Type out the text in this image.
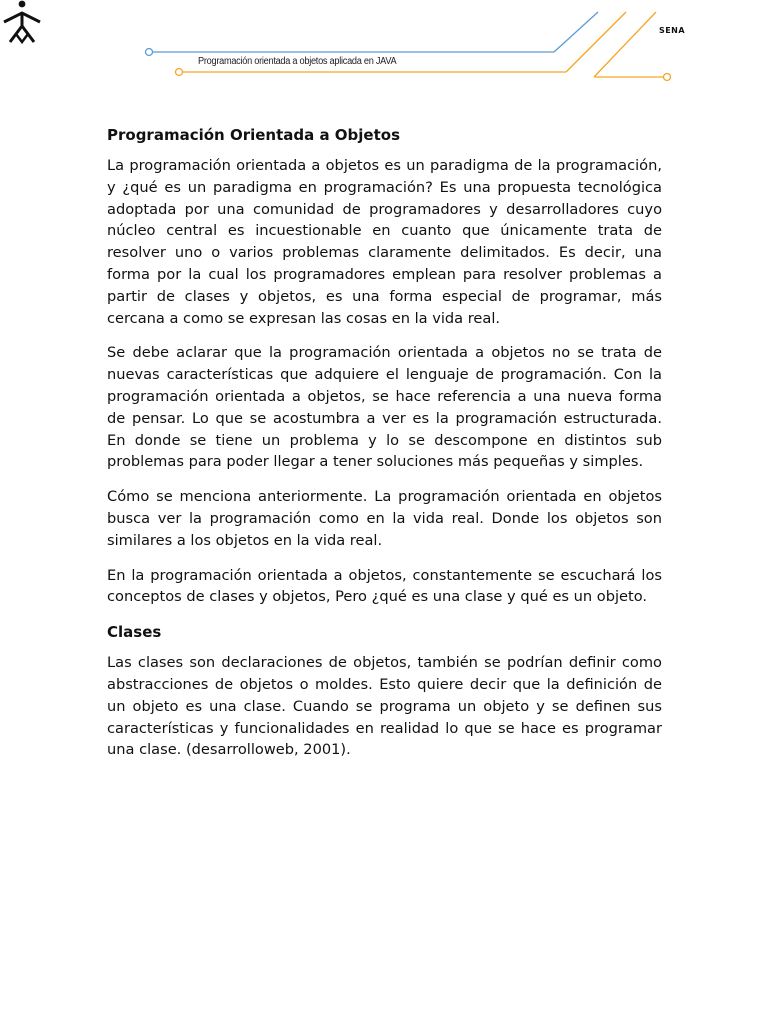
Programación orientada a objetos aplicada en JAVA
SENA
Programación Orientada a Objetos

La programación orientada a objetos es un paradigma de la programación, y ¿qué es un paradigma en programación? Es una propuesta tecnológica adoptada por una comunidad de programadores y desarrolladores cuyo núcleo central es incuestionable en cuanto que únicamente trata de resolver uno o varios problemas claramente delimitados. Es decir, una forma por la cual los programadores emplean para resolver problemas a partir de clases y objetos, es una forma especial de programar, más cercana a como se expresan las cosas en la vida real.

Se debe aclarar que la programación orientada a objetos no se trata de nuevas características que adquiere el lenguaje de programación. Con la programación orientada a objetos, se hace referencia a una nueva forma de pensar. Lo que se acostumbra a ver es la programación estructurada. En donde se tiene un problema y lo se descompone en distintos sub problemas para poder llegar a tener soluciones más pequeñas y simples.

Cómo se menciona anteriormente. La programación orientada en objetos busca ver la programación como en la vida real. Donde los objetos son similares a los objetos en la vida real.

En la programación orientada a objetos, constantemente se escuchará los conceptos de clases y objetos, Pero ¿qué es una clase y qué es un objeto.

Clases

Las clases son declaraciones de objetos, también se podrían definir como abstracciones de objetos o moldes. Esto quiere decir que la definición de un objeto es una clase. Cuando se programa un objeto y se definen sus características y funcionalidades en realidad lo que se hace es programar una clase. (desarrolloweb, 2001).
